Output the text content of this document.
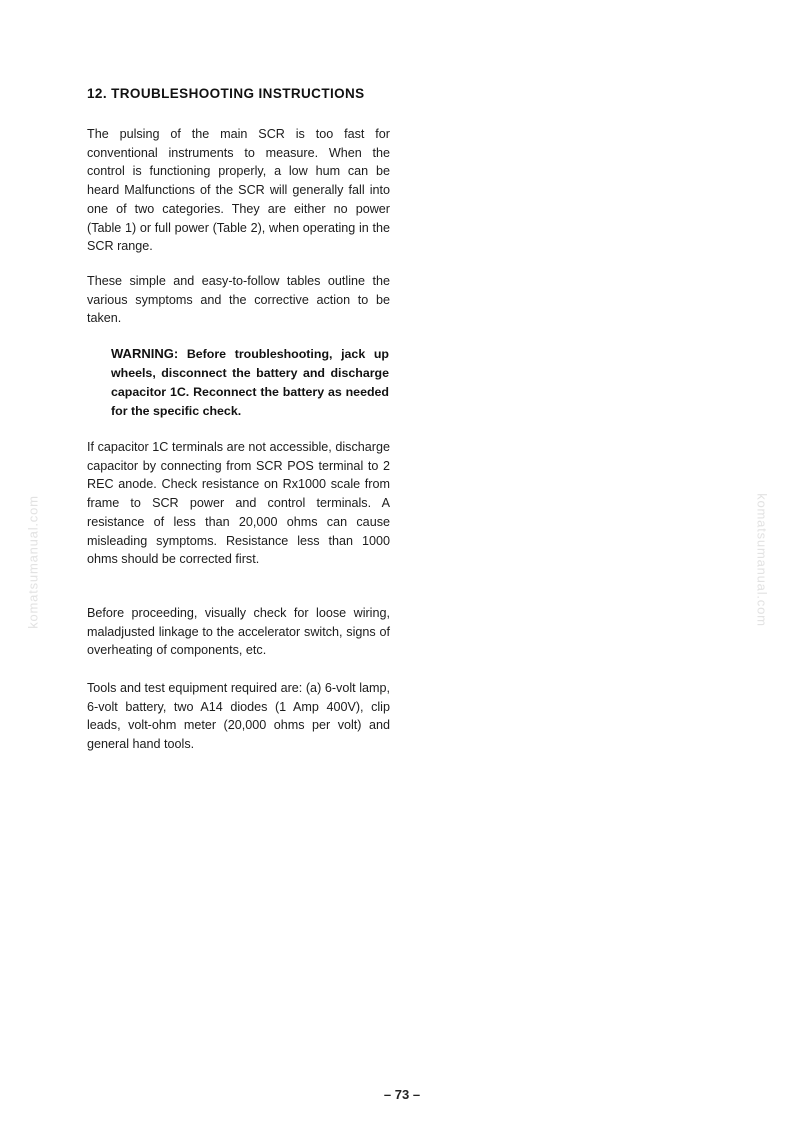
komatsumanual.com	komatsumanual.com
12. TROUBLESHOOTING INSTRUCTIONS
The pulsing of the main SCR is too fast for conventional instruments to measure. When the control is functioning properly, a low hum can be heard Malfunctions of the SCR will generally fall into one of two categories. They are either no power (Table 1) or full power (Table 2), when operating in the SCR range.
These simple and easy-to-follow tables outline the various symptoms and the corrective action to be taken.
WARNING: Before troubleshooting, jack up wheels, disconnect the battery and discharge capacitor 1C. Reconnect the battery as needed for the specific check.
If capacitor 1C terminals are not accessible, discharge capacitor by connecting from SCR POS terminal to 2 REC anode. Check resistance on Rx1000 scale from frame to SCR power and control terminals. A resistance of less than 20,000 ohms can cause misleading symptoms. Resistance less than 1000 ohms should be corrected first.
Before proceeding, visually check for loose wiring, maladjusted linkage to the accelerator switch, signs of overheating of components, etc.
Tools and test equipment required are: (a) 6-volt lamp, 6-volt battery, two A14 diodes (1 Amp 400V), clip leads, volt-ohm meter (20,000 ohms per volt) and general hand tools.
– 73 –
